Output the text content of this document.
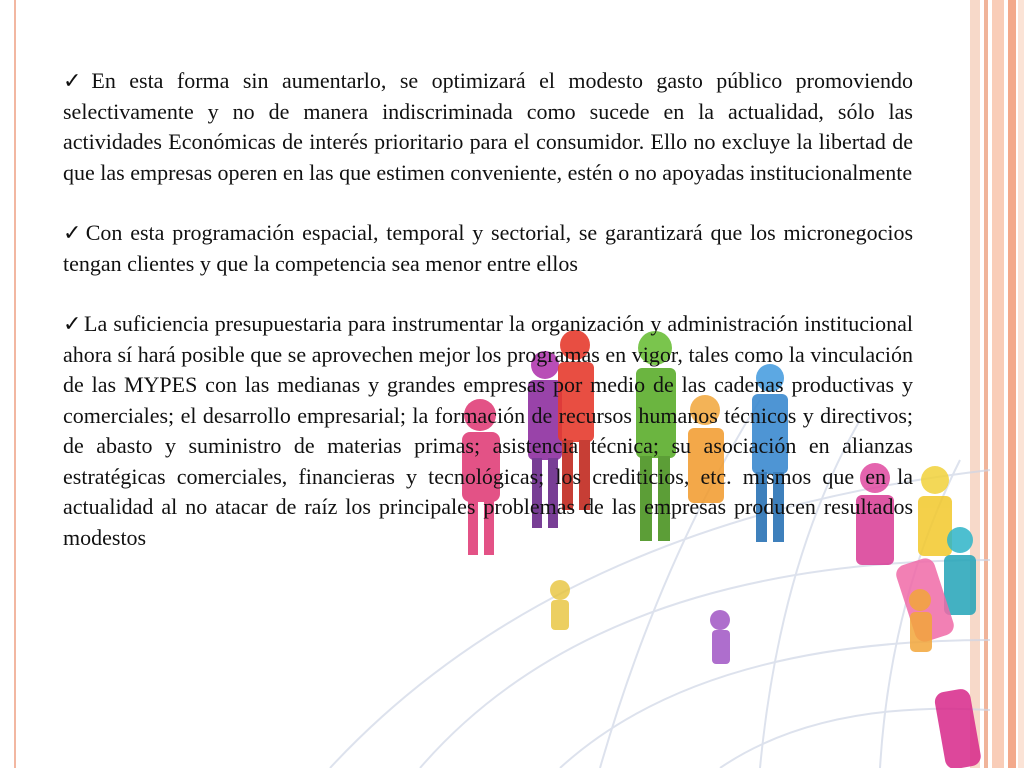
✓En esta forma sin aumentarlo, se optimizará el modesto gasto público promoviendo selectivamente y no de manera indiscriminada como sucede en la actualidad, sólo las actividades Económicas de interés prioritario para el consumidor. Ello no excluye la libertad de que las empresas operen en las que estimen conveniente, estén o no apoyadas institucionalmente

✓Con esta programación espacial, temporal y sectorial, se garantizará que los micronegocios tengan clientes y que la competencia sea menor entre ellos

✓La suficiencia presupuestaria para instrumentar la organización y administración institucional ahora sí hará posible que se aprovechen mejor los programas en vigor, tales como la vinculación de las MYPES con las medianas y grandes empresas por medio de las cadenas productivas y comerciales; el desarrollo empresarial; la formación de recursos humanos técnicos y directivos; de abasto y suministro de materias primas; asistencia técnica; su asociación en alianzas estratégicas comerciales, financieras y tecnológicas; los crediticios, etc. mismos que en la actualidad al no atacar de raíz los principales problemas de las empresas producen resultados modestos
